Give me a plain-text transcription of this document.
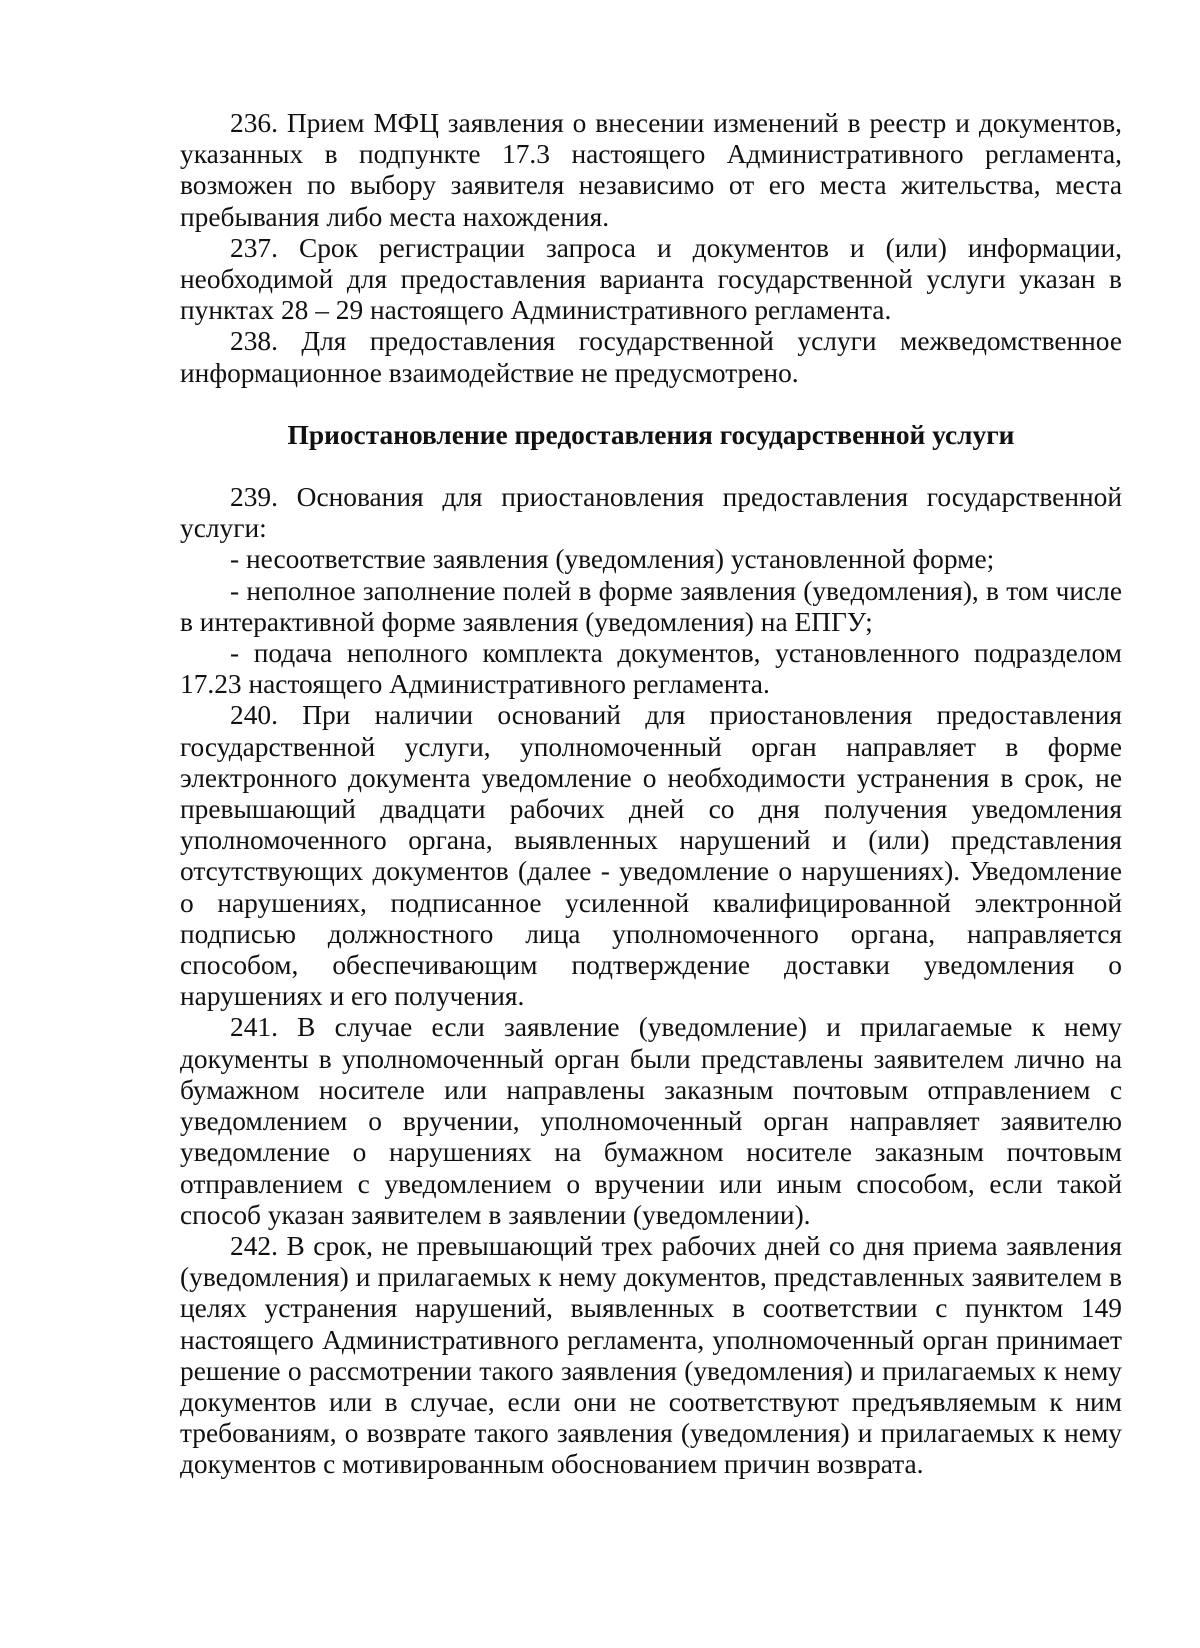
236. Прием МФЦ заявления о внесении изменений в реестр и документов, указанных в подпункте 17.3 настоящего Административного регламента, возможен по выбору заявителя независимо от его места жительства, места пребывания либо места нахождения.

237. Срок регистрации запроса и документов и (или) информации, необходимой для предоставления варианта государственной услуги указан в пунктах 28 – 29 настоящего Административного регламента.

238. Для предоставления государственной услуги межведомственное информационное взаимодействие не предусмотрено.

Приостановление предоставления государственной услуги

239. Основания для приостановления предоставления государственной услуги:

- несоответствие заявления (уведомления) установленной форме;

- неполное заполнение полей в форме заявления (уведомления), в том числе в интерактивной форме заявления (уведомления) на ЕПГУ;

- подача неполного комплекта документов, установленного подразделом 17.23 настоящего Административного регламента.

240. При наличии оснований для приостановления предоставления государственной услуги, уполномоченный орган направляет в форме электронного документа уведомление о необходимости устранения в срок, не превышающий двадцати рабочих дней со дня получения уведомления уполномоченного органа, выявленных нарушений и (или) представления отсутствующих документов (далее - уведомление о нарушениях). Уведомление о нарушениях, подписанное усиленной квалифицированной электронной подписью должностного лица уполномоченного органа, направляется способом, обеспечивающим подтверждение доставки уведомления о нарушениях и его получения.

241. В случае если заявление (уведомление) и прилагаемые к нему документы в уполномоченный орган были представлены заявителем лично на бумажном носителе или направлены заказным почтовым отправлением с уведомлением о вручении, уполномоченный орган направляет заявителю уведомление о нарушениях на бумажном носителе заказным почтовым отправлением с уведомлением о вручении или иным способом, если такой способ указан заявителем в заявлении (уведомлении).

242. В срок, не превышающий трех рабочих дней со дня приема заявления (уведомления) и прилагаемых к нему документов, представленных заявителем в целях устранения нарушений, выявленных в соответствии с пунктом 149 настоящего Административного регламента, уполномоченный орган принимает решение о рассмотрении такого заявления (уведомления) и прилагаемых к нему документов или в случае, если они не соответствуют предъявляемым к ним требованиям, о возврате такого заявления (уведомления) и прилагаемых к нему документов с мотивированным обоснованием причин возврата.
